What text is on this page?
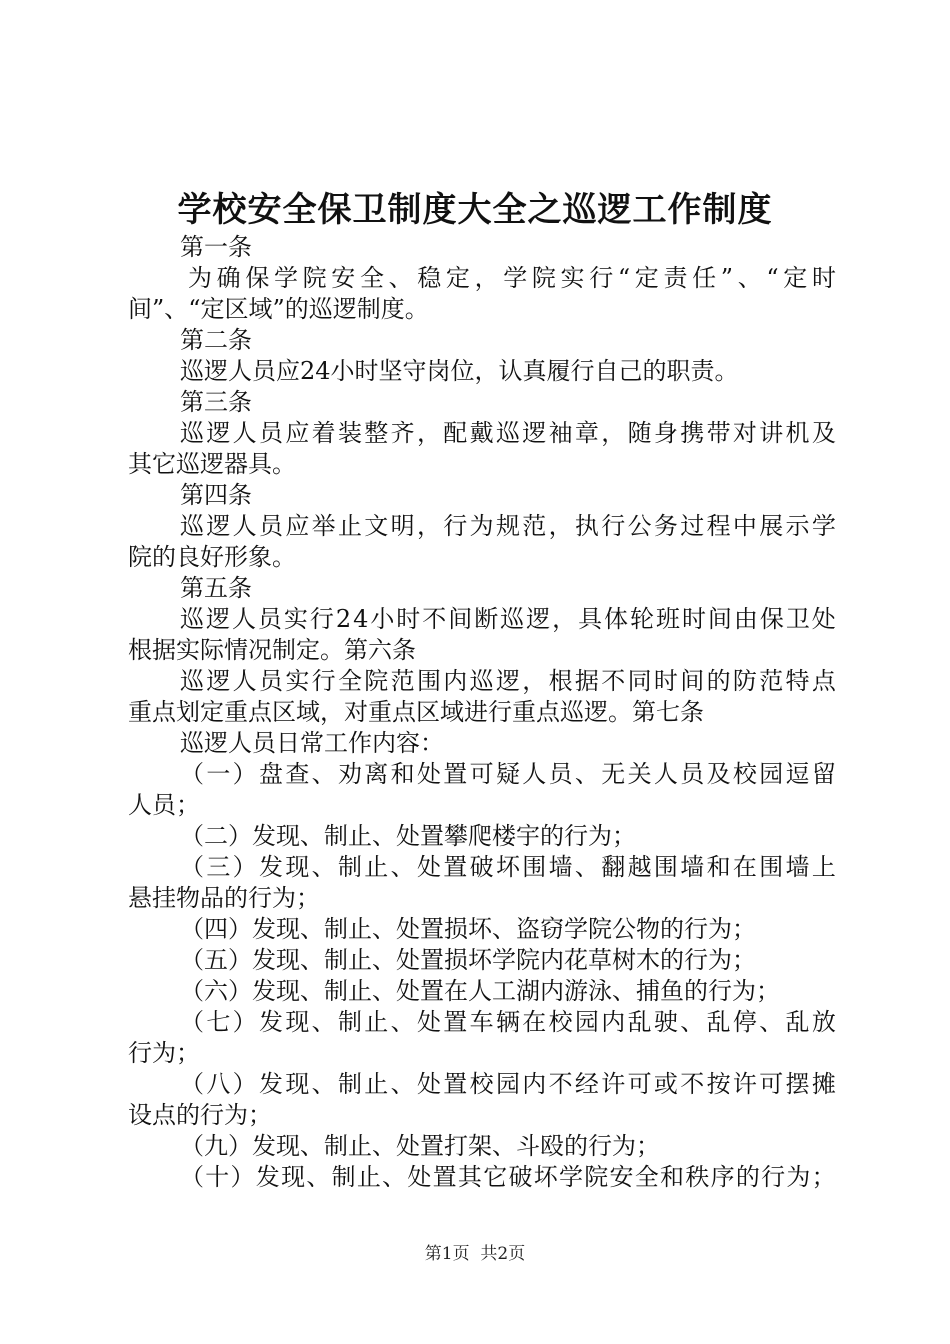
学校安全保卫制度大全之巡逻工作制度

第一条

为 确 保 学 院 安 全 、 稳 定 ， 学 院 实 行 “ 定 责 任 ” 、 “ 定 时

间”、“定区域”的巡逻制度。

第二条

巡逻人员应24小时坚守岗位，认真履行自己的职责。

第三条

巡 逻 人 员 应 着 装 整 齐 ， 配 戴 巡 逻 袖 章 ， 随 身 携 带 对 讲 机 及

其它巡逻器具。

第四条

巡 逻 人 员 应 举 止 文 明 ， 行 为 规 范 ， 执 行 公 务 过 程 中 展 示 学

院的良好形象。

第五条

巡 逻 人 员 实 行 2 4 小 时 不 间 断 巡 逻 ， 具 体 轮 班 时 间 由 保 卫 处

根据实际情况制定。第六条

巡 逻 人 员 实 行 全 院 范 围 内 巡 逻 ， 根 据 不 同 时 间 的 防 范 特 点

重点划定重点区域，对重点区域进行重点巡逻。第七条

巡逻人员日常工作内容：

（ 一 ） 盘 查 、 劝 离 和 处 置 可 疑 人 员 、 无 关 人 员 及 校 园 逗 留

人员；

（二）发现、制止、处置攀爬楼宇的行为；

（ 三 ） 发 现 、 制 止 、 处 置 破 坏 围 墙 、 翻 越 围 墙 和 在 围 墙 上

悬挂物品的行为；

（四）发现、制止、处置损坏、盗窃学院公物的行为；

（五）发现、制止、处置损坏学院内花草树木的行为；

（六）发现、制止、处置在人工湖内游泳、捕鱼的行为；

（ 七 ） 发 现 、 制 止 、 处 置 车 辆 在 校 园 内 乱 驶 、 乱 停 、 乱 放

行为；

（ 八 ） 发 现 、 制 止 、 处 置 校 园 内 不 经 许 可 或 不 按 许 可 摆 摊

设点的行为；

（九）发现、制止、处置打架、斗殴的行为；

（ 十 ） 发 现 、 制 止 、 处 置 其 它 破 坏 学 院 安 全 和 秩 序 的 行 为 ；

第1页  共2页
